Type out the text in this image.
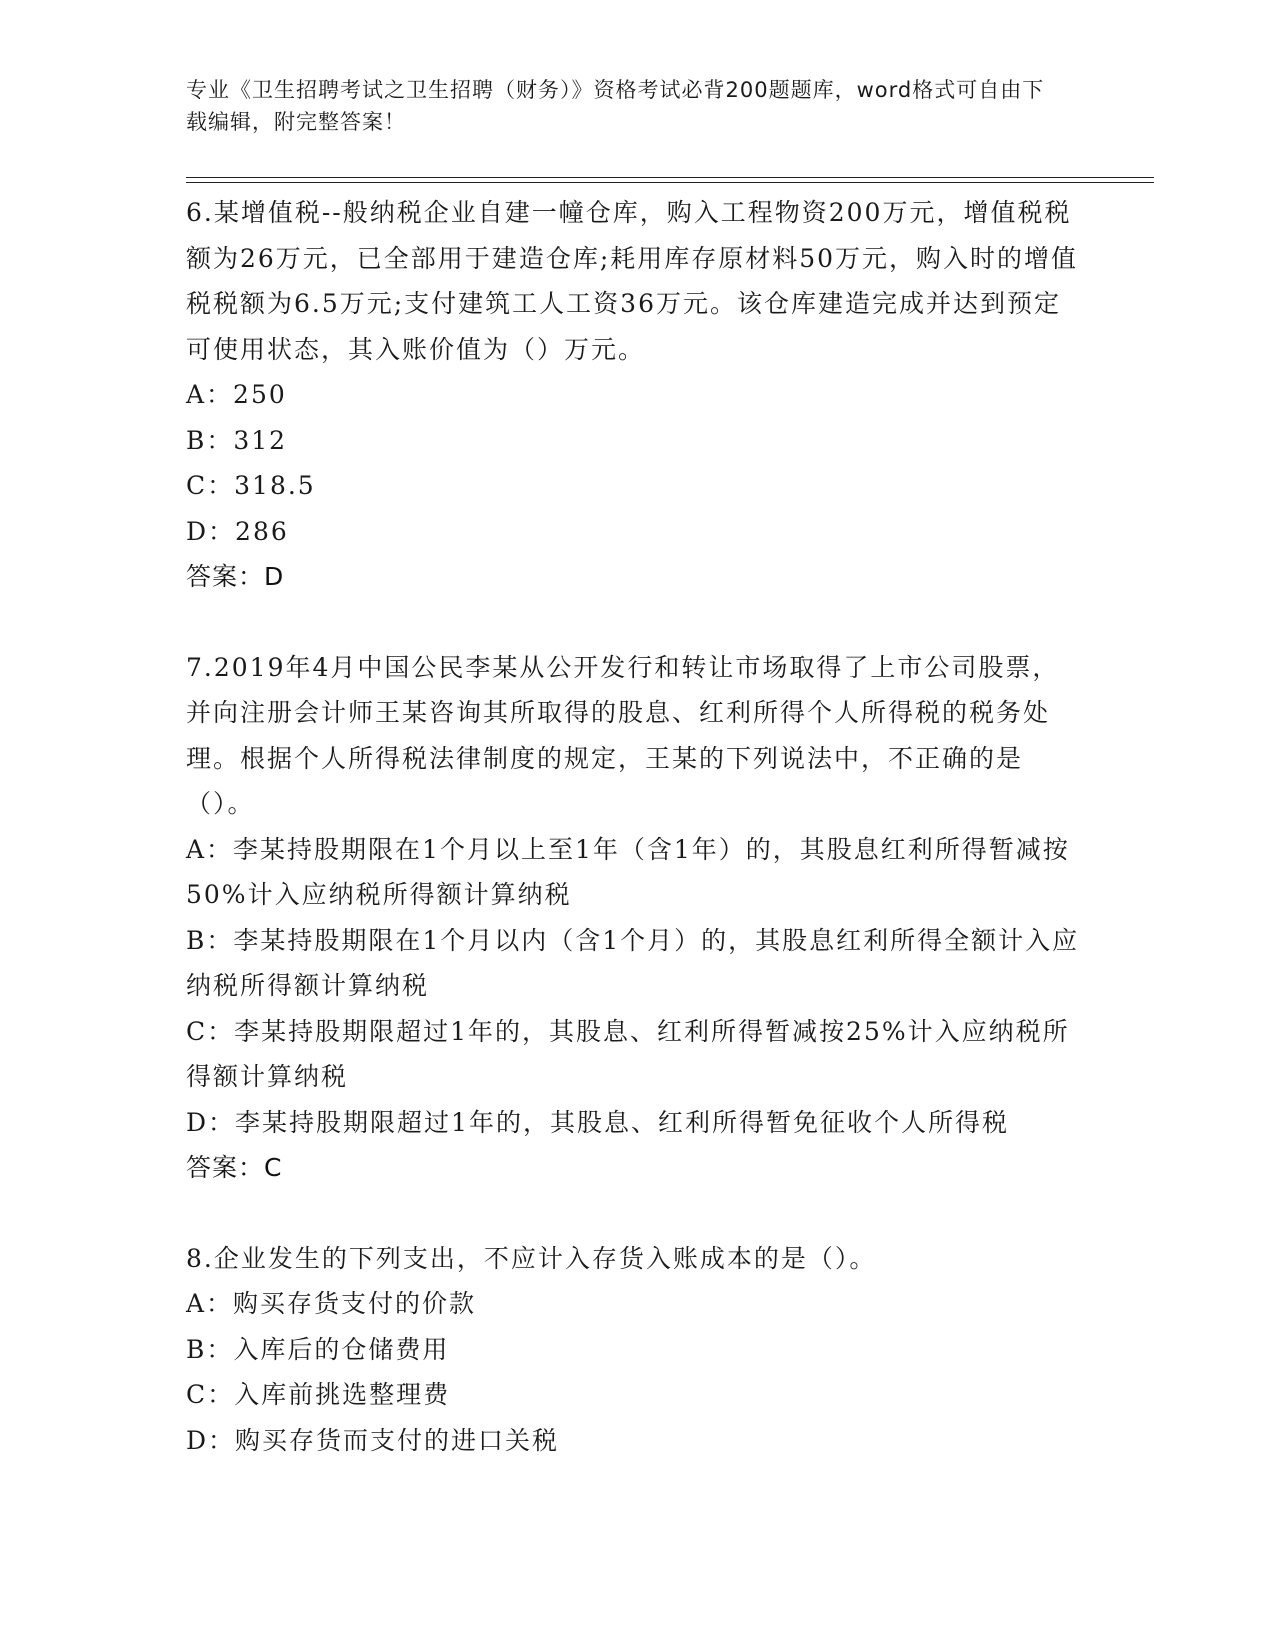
专业《卫生招聘考试之卫生招聘（财务）》资格考试必背200题题库，word格式可自由下载编辑，附完整答案！

6.某增值税--般纳税企业自建一幢仓库，购入工程物资200万元，增值税税额为26万元，已全部用于建造仓库;耗用库存原材料50万元，购入时的增值税税额为6.5万元;支付建筑工人工资36万元。该仓库建造完成并达到预定可使用状态，其入账价值为（）万元。

A：250

B：312

C：318.5

D：286

答案：D

7.2019年4月中国公民李某从公开发行和转让市场取得了上市公司股票，并向注册会计师王某咨询其所取得的股息、红利所得个人所得税的税务处理。根据个人所得税法律制度的规定，王某的下列说法中，不正确的是（）。

A：李某持股期限在1个月以上至1年（含1年）的，其股息红利所得暂减按50%计入应纳税所得额计算纳税

B：李某持股期限在1个月以内（含1个月）的，其股息红利所得全额计入应纳税所得额计算纳税

C：李某持股期限超过1年的，其股息、红利所得暂减按25%计入应纳税所得额计算纳税

D：李某持股期限超过1年的，其股息、红利所得暂免征收个人所得税

答案：C

8.企业发生的下列支出，不应计入存货入账成本的是（）。

A：购买存货支付的价款

B：入库后的仓储费用

C：入库前挑选整理费

D：购买存货而支付的进口关税
